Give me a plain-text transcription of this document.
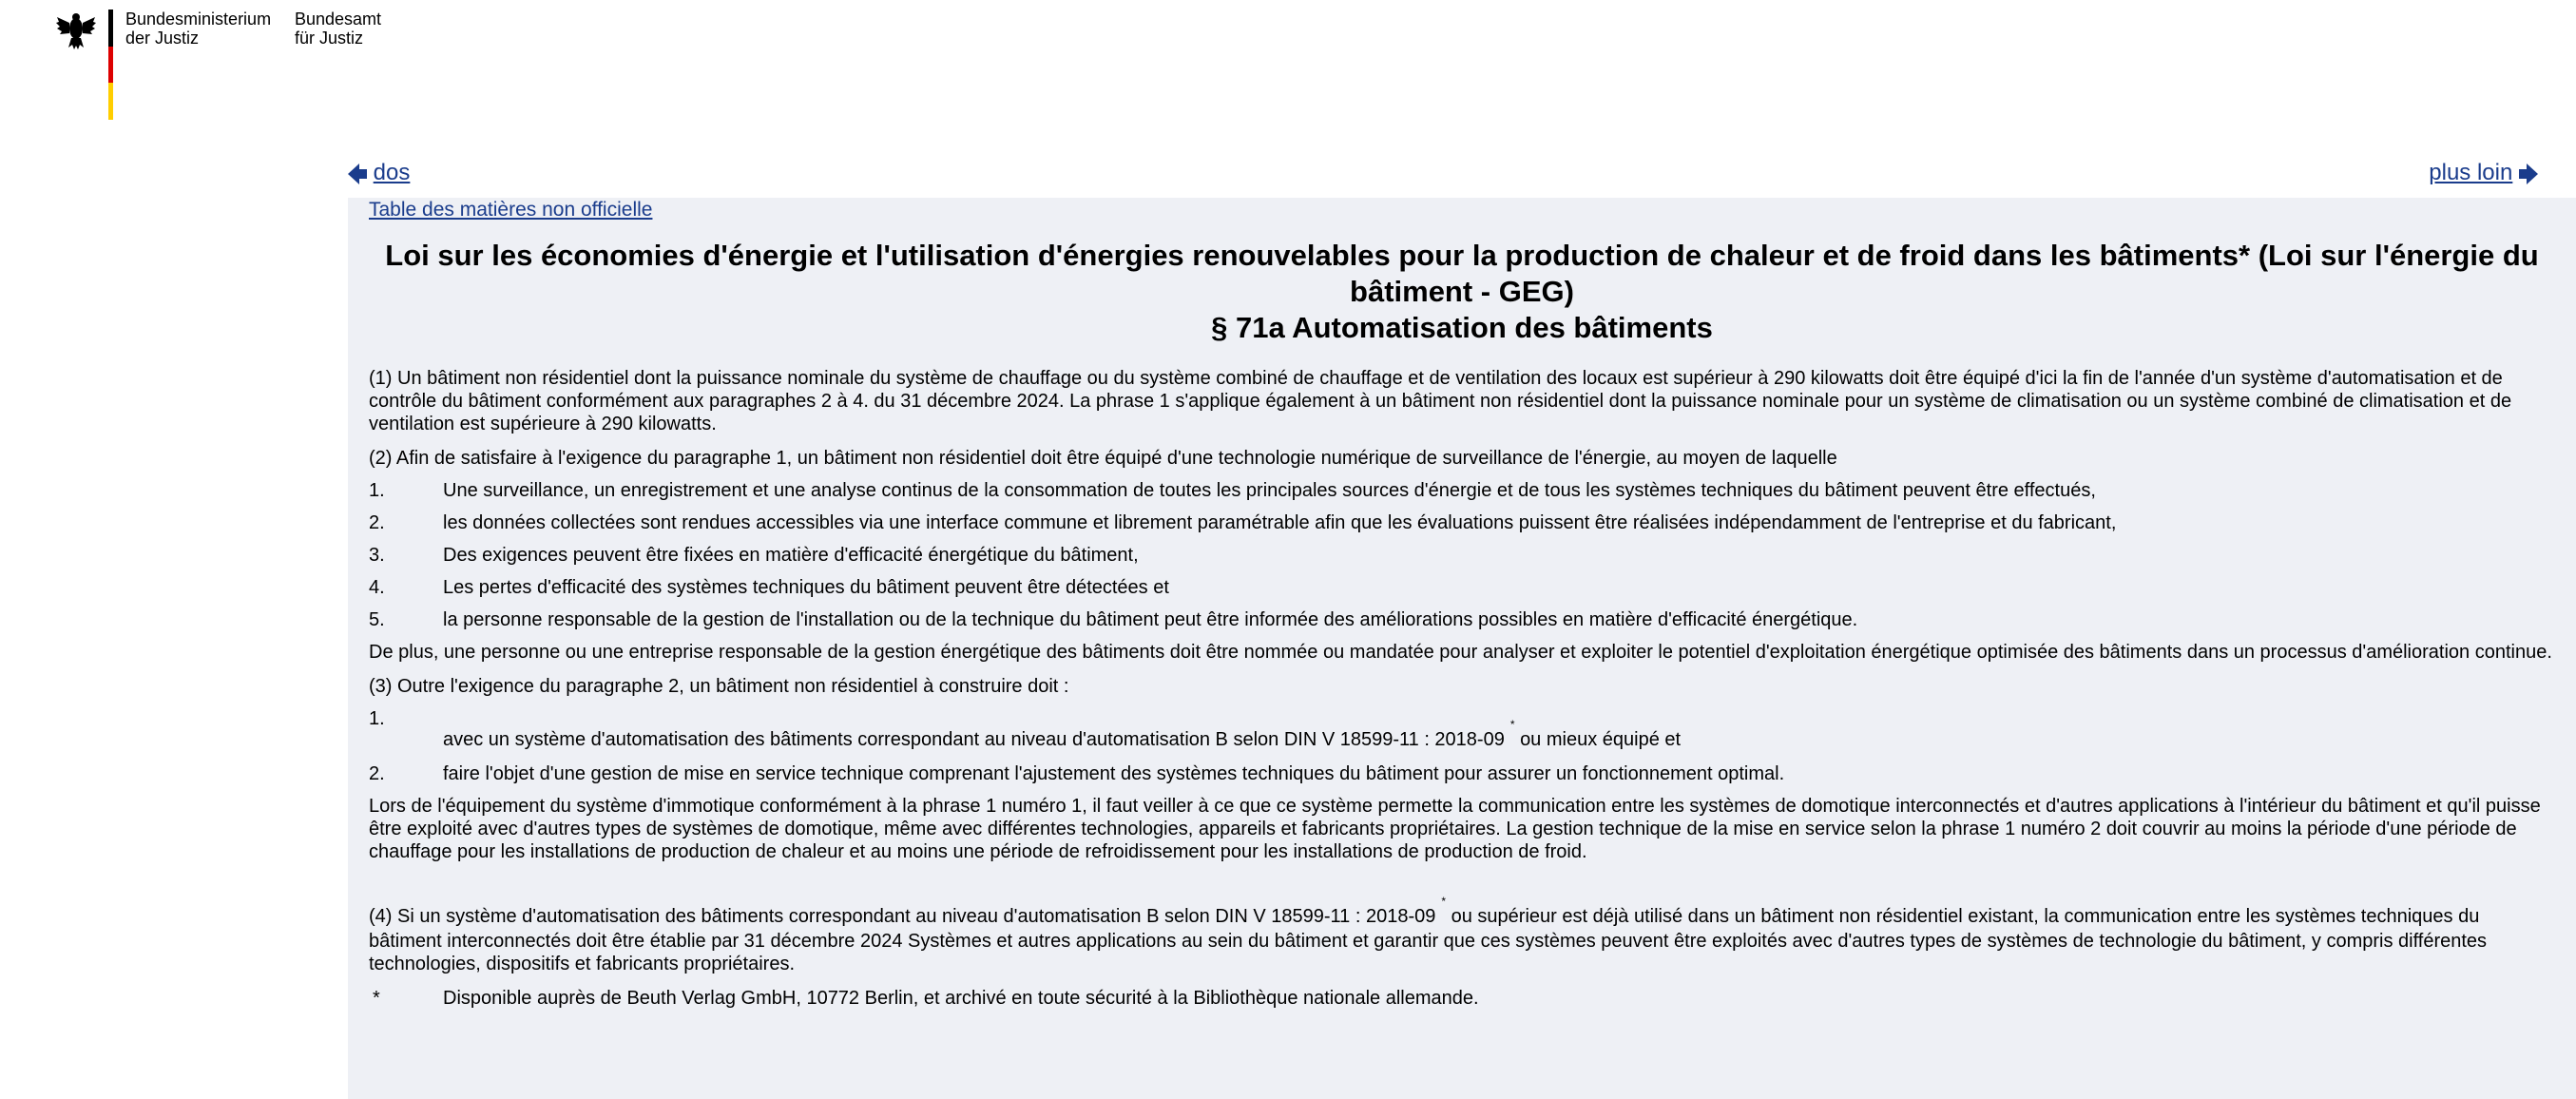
Bundesministerium
der Justiz
Bundesamt
für Justiz
dos	plus loin
Table des matières non officielle
Loi sur les économies d'énergie et l'utilisation d'énergies renouvelables pour la production de chaleur et de froid dans les bâtiments* (Loi sur l'énergie du bâtiment - GEG)
§ 71a Automatisation des bâtiments
(1) Un bâtiment non résidentiel dont la puissance nominale du système de chauffage ou du système combiné de chauffage et de ventilation des locaux est supérieur à 290 kilowatts doit être équipé d'ici la fin de l'année d'un système d'automatisation et de contrôle du bâtiment conformément aux paragraphes 2 à 4. du 31 décembre 2024. La phrase 1 s'applique également à un bâtiment non résidentiel dont la puissance nominale pour un système de climatisation ou un système combiné de climatisation et de ventilation est supérieure à 290 kilowatts.
(2) Afin de satisfaire à l'exigence du paragraphe 1, un bâtiment non résidentiel doit être équipé d'une technologie numérique de surveillance de l'énergie, au moyen de laquelle
1.	Une surveillance, un enregistrement et une analyse continus de la consommation de toutes les principales sources d'énergie et de tous les systèmes techniques du bâtiment peuvent être effectués,
2.	les données collectées sont rendues accessibles via une interface commune et librement paramétrable afin que les évaluations puissent être réalisées indépendamment de l'entreprise et du fabricant,
3.	Des exigences peuvent être fixées en matière d'efficacité énergétique du bâtiment,
4.	Les pertes d'efficacité des systèmes techniques du bâtiment peuvent être détectées et
5.	la personne responsable de la gestion de l'installation ou de la technique du bâtiment peut être informée des améliorations possibles en matière d'efficacité énergétique.
De plus, une personne ou une entreprise responsable de la gestion énergétique des bâtiments doit être nommée ou mandatée pour analyser et exploiter le potentiel d'exploitation énergétique optimisée des bâtiments dans un processus d'amélioration continue.
(3) Outre l'exigence du paragraphe 2, un bâtiment non résidentiel à construire doit :
1.
avec un système d'automatisation des bâtiments correspondant au niveau d'automatisation B selon DIN V 18599-11 : 2018-09* ou mieux équipé et
2.	faire l'objet d'une gestion de mise en service technique comprenant l'ajustement des systèmes techniques du bâtiment pour assurer un fonctionnement optimal.
Lors de l'équipement du système d'immotique conformément à la phrase 1 numéro 1, il faut veiller à ce que ce système permette la communication entre les systèmes de domotique interconnectés et d'autres applications à l'intérieur du bâtiment et qu'il puisse être exploité avec d'autres types de systèmes de domotique, même avec différentes technologies, appareils et fabricants propriétaires. La gestion technique de la mise en service selon la phrase 1 numéro 2 doit couvrir au moins la période d'une période de chauffage pour les installations de production de chaleur et au moins une période de refroidissement pour les installations de production de froid.
(4) Si un système d'automatisation des bâtiments correspondant au niveau d'automatisation B selon DIN V 18599-11 : 2018-09* ou supérieur est déjà utilisé dans un bâtiment non résidentiel existant, la communication entre les systèmes techniques du bâtiment interconnectés doit être établie par 31 décembre 2024 Systèmes et autres applications au sein du bâtiment et garantir que ces systèmes peuvent être exploités avec d'autres types de systèmes de technologie du bâtiment, y compris différentes technologies, dispositifs et fabricants propriétaires.
*	Disponible auprès de Beuth Verlag GmbH, 10772 Berlin, et archivé en toute sécurité à la Bibliothèque nationale allemande.
